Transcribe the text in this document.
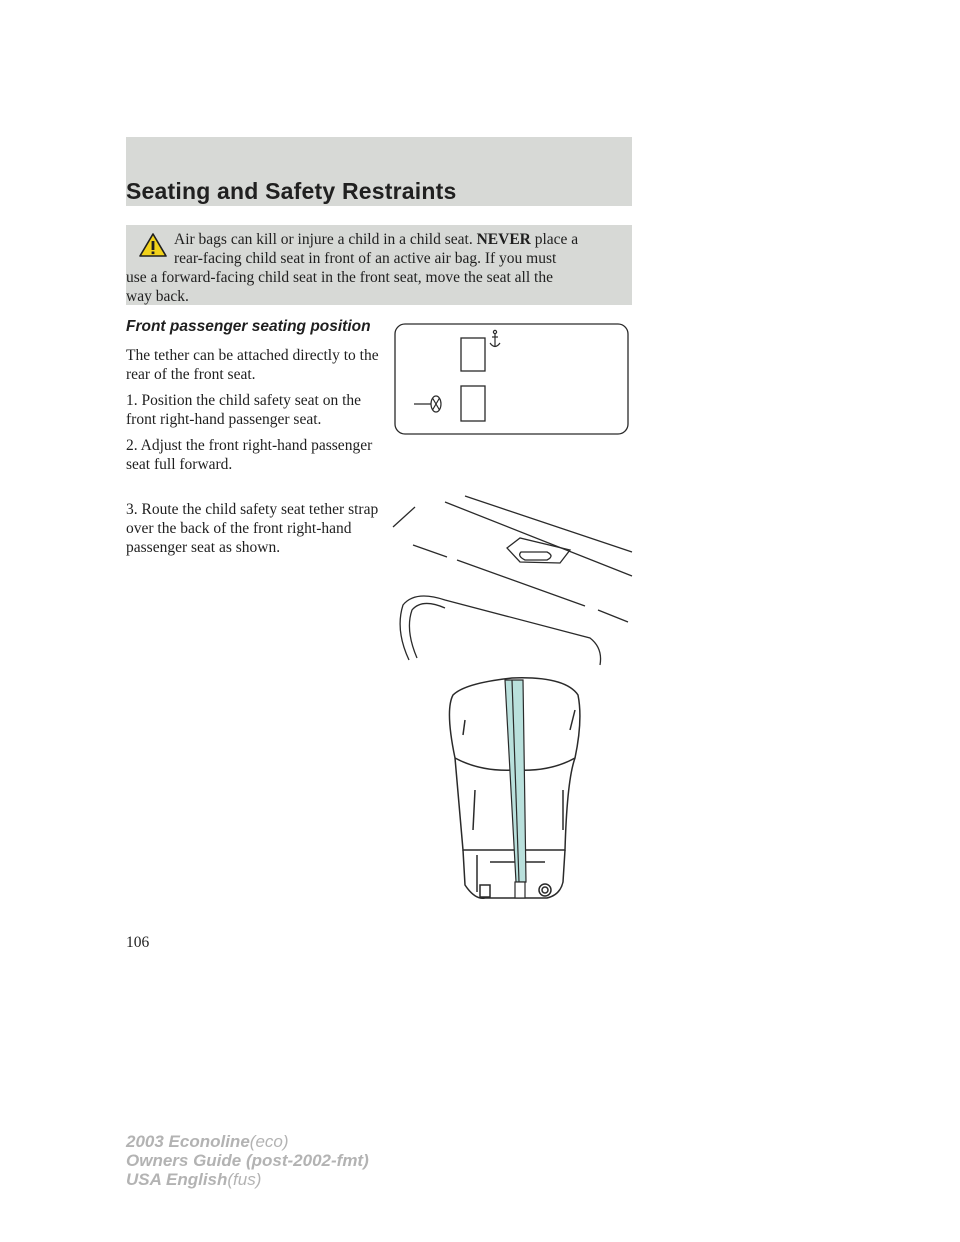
Seating and Safety Restraints
Air bags can kill or injure a child in a child seat. NEVER place a
rear-facing child seat in front of an active air bag. If you must
use a forward-facing child seat in the front seat, move the seat all the
way back.
Front passenger seating position
The tether can be attached directly to the rear of the front seat.
1. Position the child safety seat on the front right-hand passenger seat.
2. Adjust the front right-hand passenger seat full forward.
3. Route the child safety seat tether strap over the back of the front right-hand passenger seat as shown.
106
2003 Econoline(eco)
Owners Guide (post-2002-fmt)
USA English(fus)
